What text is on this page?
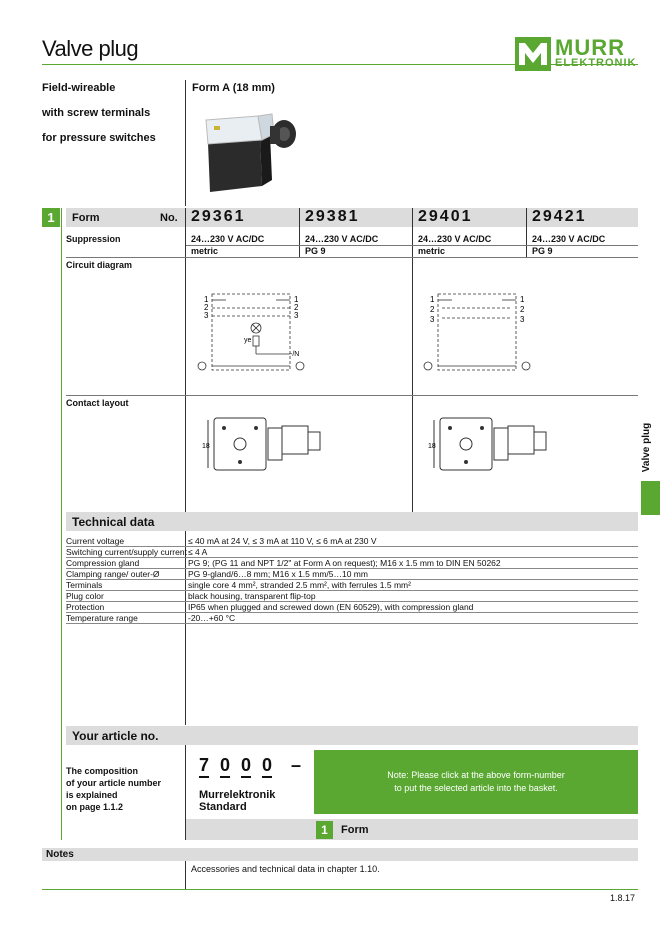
Valve plug	MURR
ELEKTRONIK
Field-wireable
with screw terminals
for pressure switches
Form A (18 mm)
1	Form	No. 29361	29381	29401	29421
Suppression	24…230 V AC/DC	24…230 V AC/DC	24…230 V AC/DC	24…230 V AC/DC
metric	PG 9	metric	PG 9
Circuit diagram
1
2
3
1
2
3
ye
-/N
1
2
3
1
2
3
Contact layout
18	18	Valve plug
Technical data
Current voltage	≤ 40 mA at 24 V, ≤ 3 mA at 110 V, ≤ 6 mA at 230 V
Switching current/supply current ≤ 4 A
Compression gland	PG 9; (PG 11 and NPT 1/2" at Form A on request); M16 x 1.5 mm to DIN EN 50262
Clamping range/ outer-Ø	PG 9-gland/6…8 mm; M16 x 1.5 mm/5…10 mm
Terminals	single core 4 mm², stranded 2.5 mm², with ferrules 1.5 mm²
Plug color	black housing, transparent flip-top
Protection	IP65 when plugged and screwed down (EN 60529), with compression gland
Temperature range	-20…+60 °C
Your article no.
The composition
of your article number
is explained
on page 1.1.2
7 0 0 0 –
Murrelektronik
Standard
Note: Please click at the above form-number
to put the selected article into the basket.
1	Form
Notes
Accessories and technical data in chapter 1.10.
1.8.17
